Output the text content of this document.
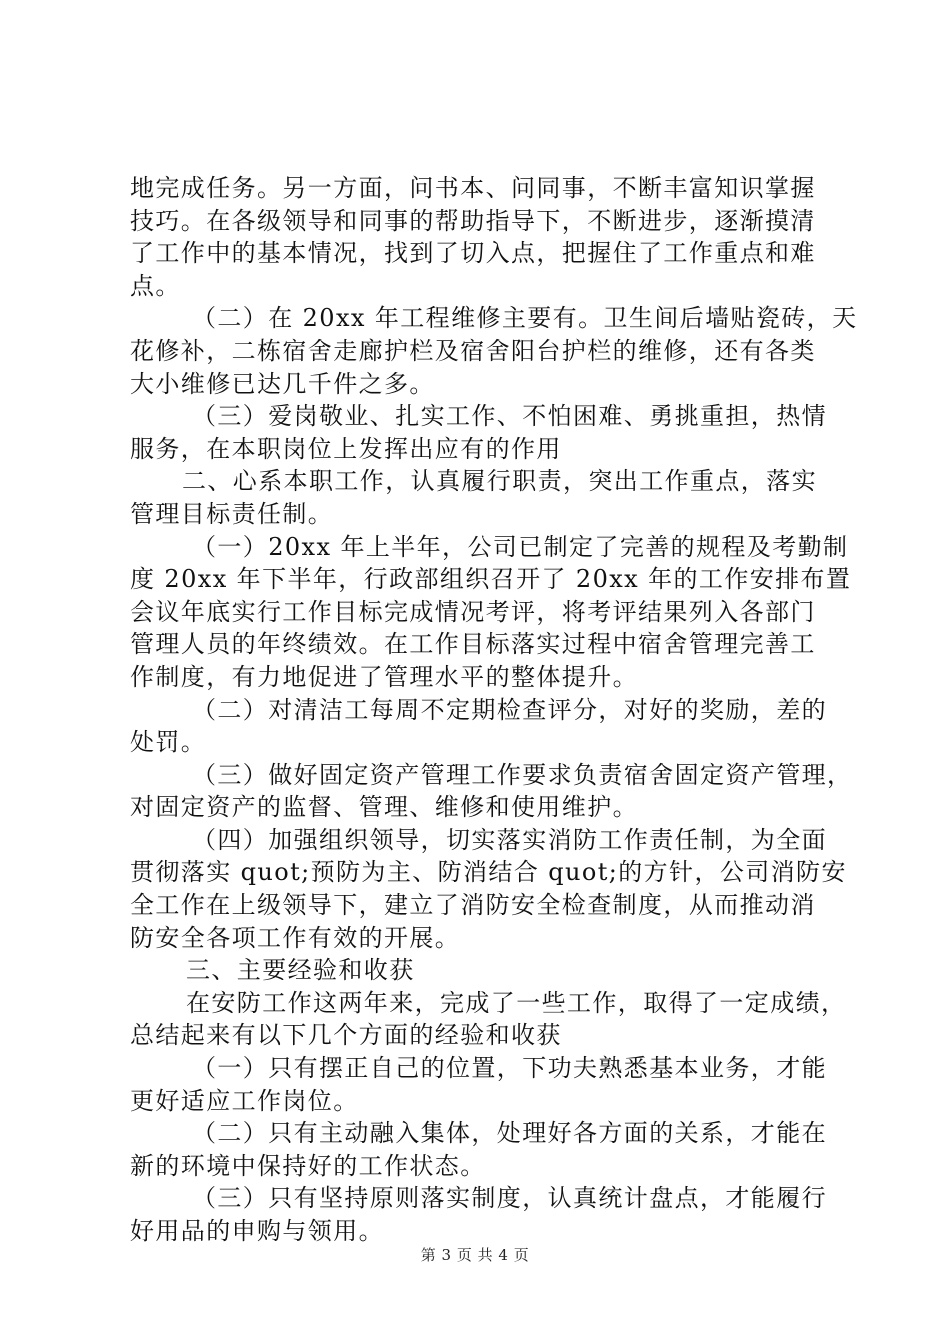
地完成任务。另一方面，问书本、问同事，不断丰富知识掌握
技巧。在各级领导和同事的帮助指导下，不断进步，逐渐摸清
了工作中的基本情况，找到了切入点，把握住了工作重点和难
点。
（二）在 20xx 年工程维修主要有。卫生间后墙贴瓷砖，天
花修补，二栋宿舍走廊护栏及宿舍阳台护栏的维修，还有各类
大小维修已达几千件之多。
（三）爱岗敬业、扎实工作、不怕困难、勇挑重担，热情
服务，在本职岗位上发挥出应有的作用
二、心系本职工作，认真履行职责，突出工作重点，落实
管理目标责任制。
（一）20xx 年上半年，公司已制定了完善的规程及考勤制
度 20xx 年下半年，行政部组织召开了 20xx 年的工作安排布置
会议年底实行工作目标完成情况考评，将考评结果列入各部门
管理人员的年终绩效。在工作目标落实过程中宿舍管理完善工
作制度，有力地促进了管理水平的整体提升。
（二）对清洁工每周不定期检查评分，对好的奖励，差的
处罚。
（三）做好固定资产管理工作要求负责宿舍固定资产管理，
对固定资产的监督、管理、维修和使用维护。
（四）加强组织领导，切实落实消防工作责任制，为全面
贯彻落实 quot;预防为主、防消结合 quot;的方针，公司消防安
全工作在上级领导下，建立了消防安全检查制度，从而推动消
防安全各项工作有效的开展。
三、主要经验和收获
在安防工作这两年来，完成了一些工作，取得了一定成绩，
总结起来有以下几个方面的经验和收获
（一）只有摆正自己的位置，下功夫熟悉基本业务，才能
更好适应工作岗位。
（二）只有主动融入集体，处理好各方面的关系，才能在
新的环境中保持好的工作状态。
（三）只有坚持原则落实制度，认真统计盘点，才能履行
好用品的申购与领用。
第 3 页 共 4 页
